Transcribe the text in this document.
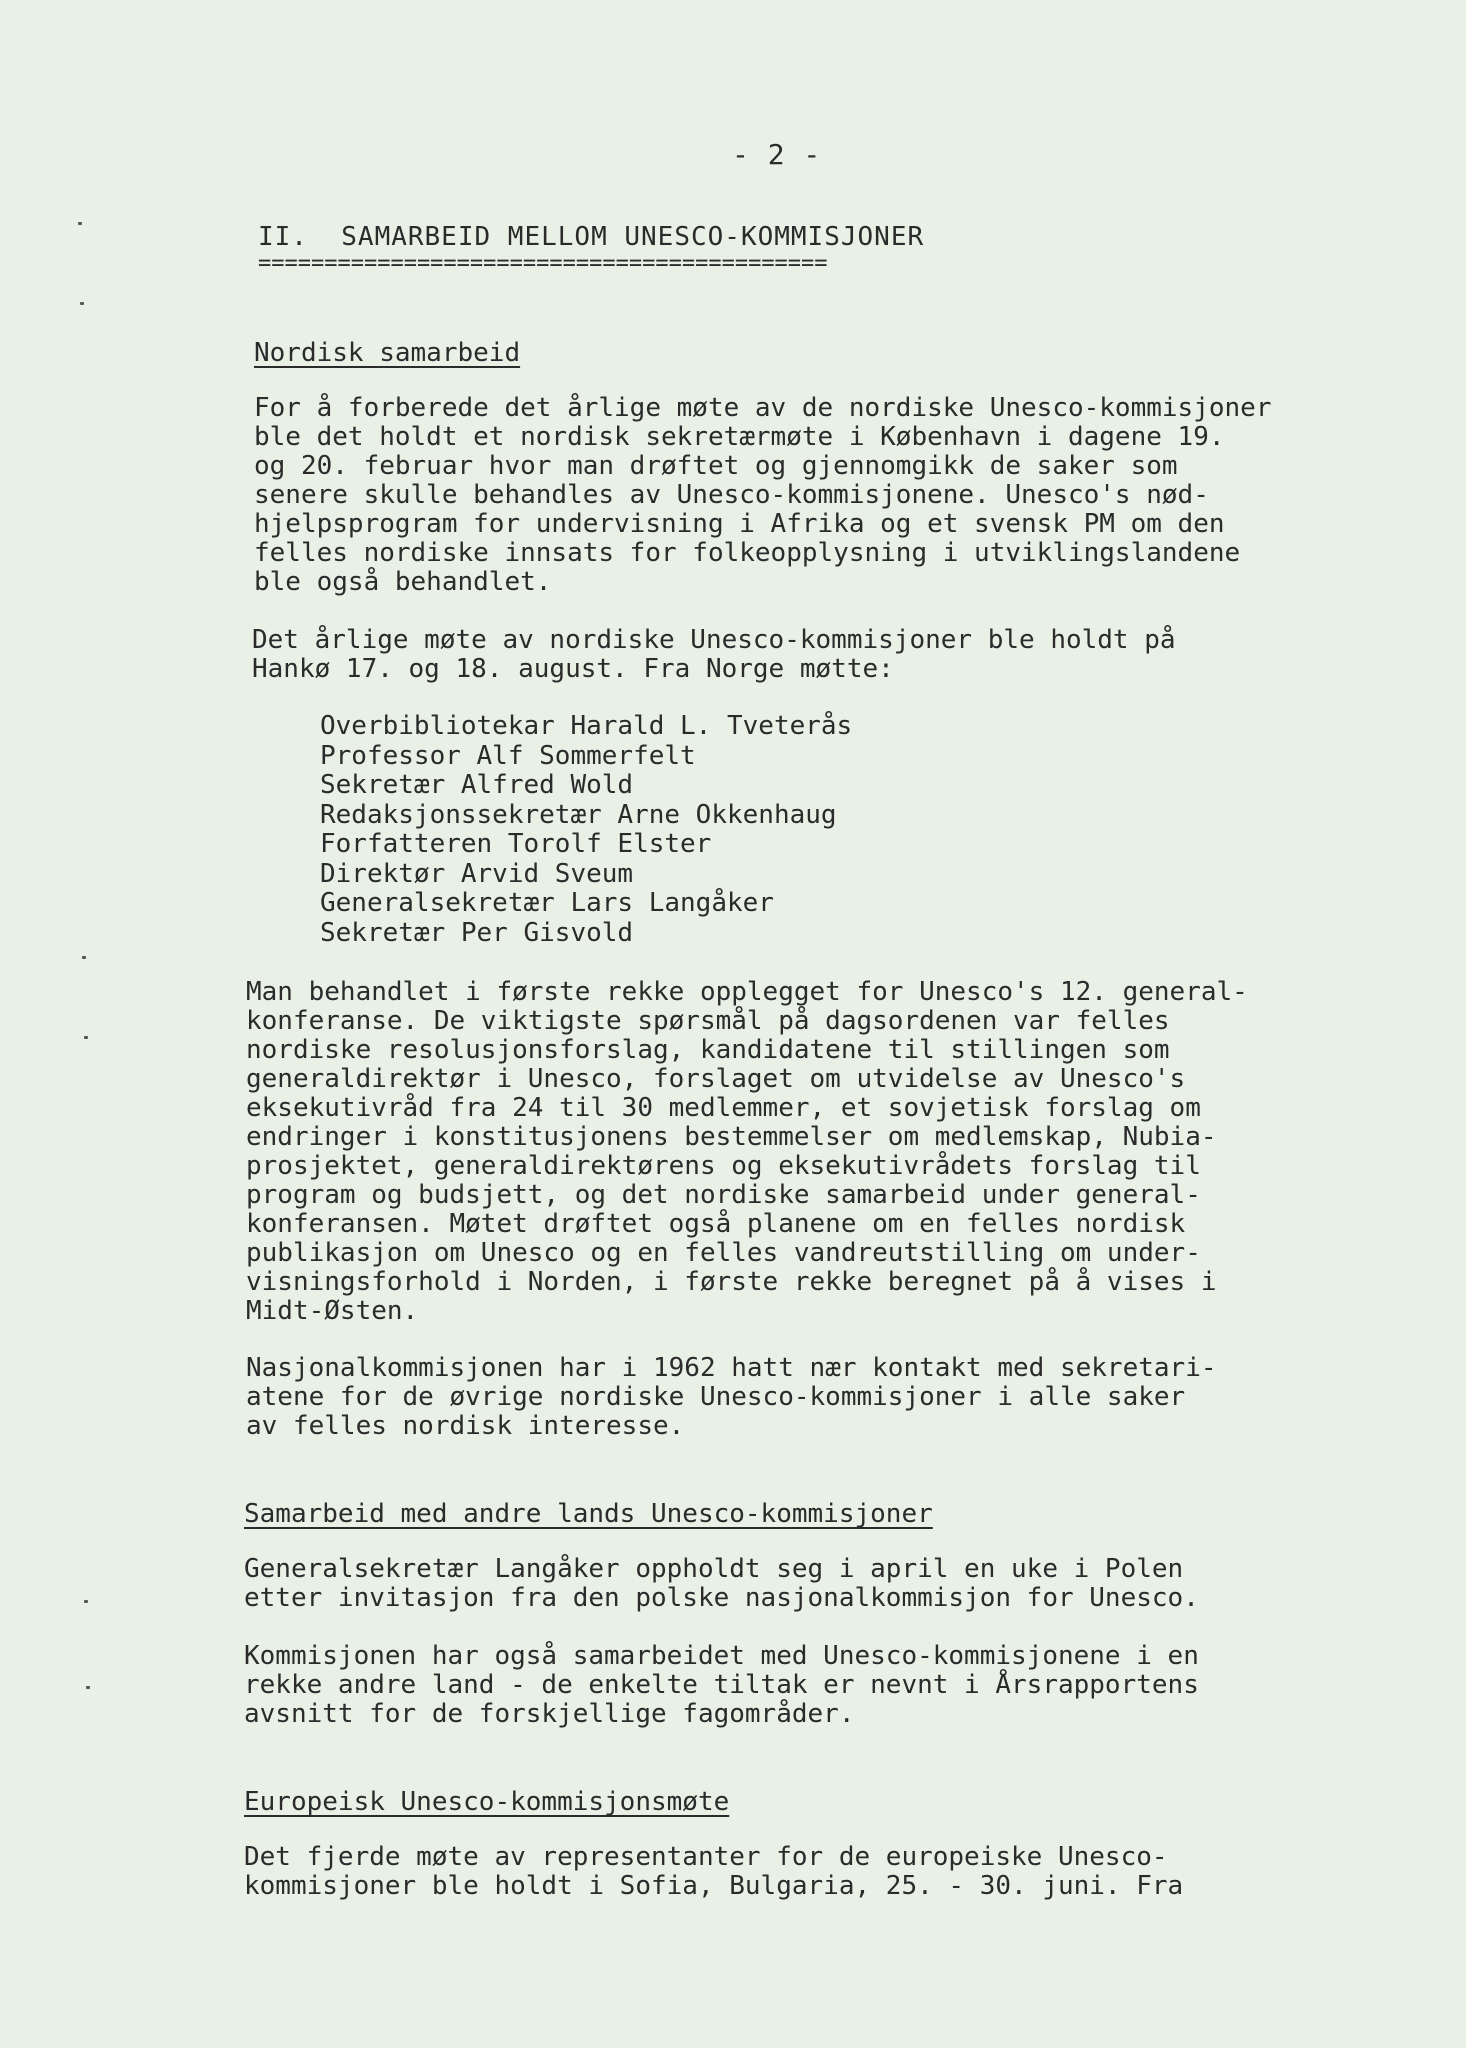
- 2 -
II.  SAMARBEID MELLOM UNESCO-KOMMISJONER
===========================================
Nordisk samarbeid
For å forberede det årlige møte av de nordiske Unesco-kommisjoner
ble det holdt et nordisk sekretærmøte i København i dagene 19.
og 20. februar hvor man drøftet og gjennomgikk de saker som
senere skulle behandles av Unesco-kommisjonene. Unesco's nød-
hjelpsprogram for undervisning i Afrika og et svensk PM om den
felles nordiske innsats for folkeopplysning i utviklingslandene
ble også behandlet.
Det årlige møte av nordiske Unesco-kommisjoner ble holdt på
Hankø 17. og 18. august. Fra Norge møtte:
Overbibliotekar Harald L. Tveterås
Professor Alf Sommerfelt
Sekretær Alfred Wold
Redaksjonssekretær Arne Okkenhaug
Forfatteren Torolf Elster
Direktør Arvid Sveum
Generalsekretær Lars Langåker
Sekretær Per Gisvold
Man behandlet i første rekke opplegget for Unesco's 12. general-
konferanse. De viktigste spørsmål på dagsordenen var felles
nordiske resolusjonsforslag, kandidatene til stillingen som
generaldirektør i Unesco, forslaget om utvidelse av Unesco's
eksekutivråd fra 24 til 30 medlemmer, et sovjetisk forslag om
endringer i konstitusjonens bestemmelser om medlemskap, Nubia-
prosjektet, generaldirektørens og eksekutivrådets forslag til
program og budsjett, og det nordiske samarbeid under general-
konferansen. Møtet drøftet også planene om en felles nordisk
publikasjon om Unesco og en felles vandreutstilling om under-
visningsforhold i Norden, i første rekke beregnet på å vises i
Midt-Østen.
Nasjonalkommisjonen har i 1962 hatt nær kontakt med sekretari-
atene for de øvrige nordiske Unesco-kommisjoner i alle saker
av felles nordisk interesse.
Samarbeid med andre lands Unesco-kommisjoner
Generalsekretær Langåker oppholdt seg i april en uke i Polen
etter invitasjon fra den polske nasjonalkommisjon for Unesco.
Kommisjonen har også samarbeidet med Unesco-kommisjonene i en
rekke andre land - de enkelte tiltak er nevnt i Årsrapportens
avsnitt for de forskjellige fagområder.
Europeisk Unesco-kommisjonsmøte
Det fjerde møte av representanter for de europeiske Unesco-
kommisjoner ble holdt i Sofia, Bulgaria, 25. - 30. juni. Fra
